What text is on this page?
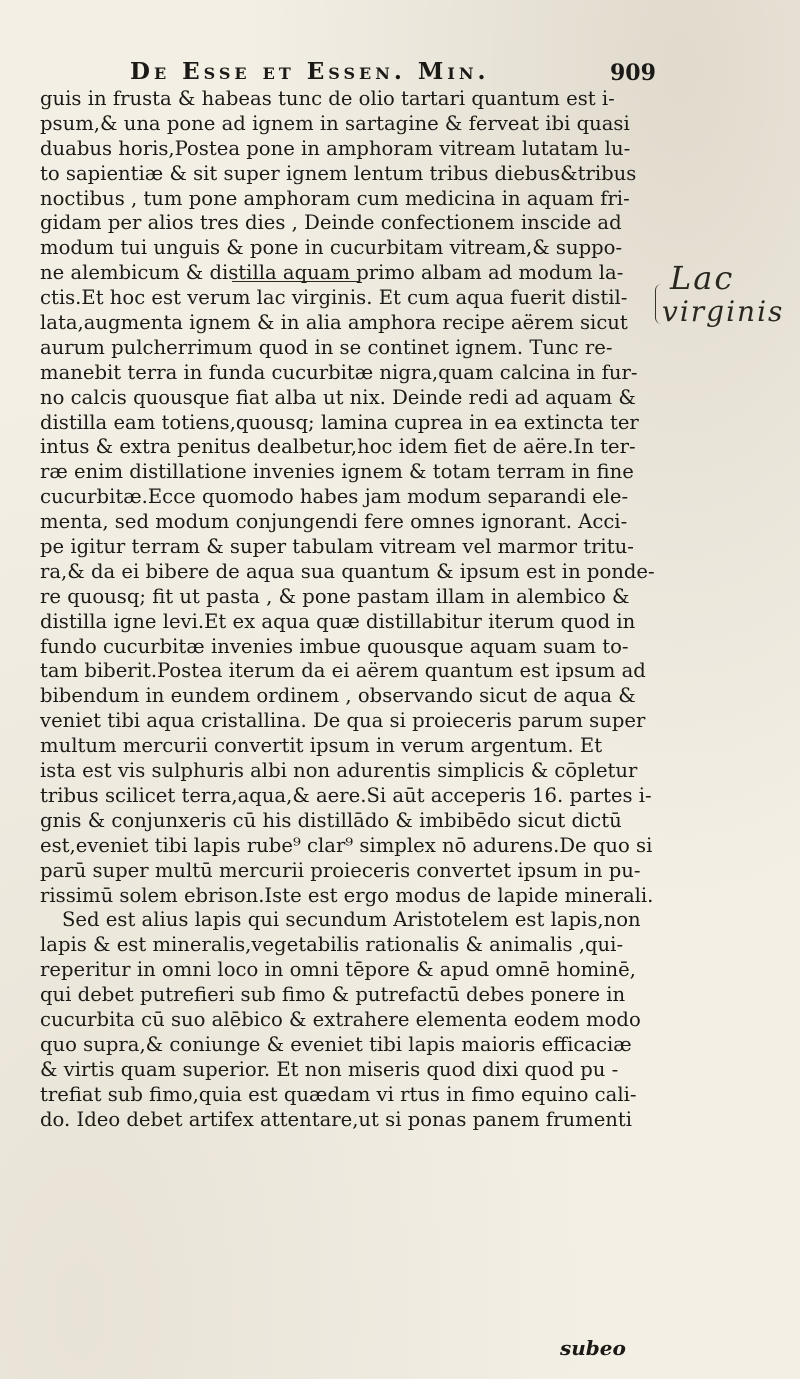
De Esse et Essen. Min.	909
guis in frusta & habeas tunc de olio tartari quantum est i-
psum,& una pone ad ignem in sartagine & ferveat ibi quasi
duabus horis,Postea pone in amphoram vitream lutatam lu-
to sapientiæ & sit super ignem lentum tribus diebus&tribus
noctibus , tum pone amphoram cum medicina in aquam fri-
gidam per alios tres dies , Deinde confectionem inscide ad
modum tui unguis & pone in cucurbitam vitream,& suppo-
ne alembicum & distilla aquam primo albam ad modum la-
ctis.Et hoc est verum lac virginis. Et cum aqua fuerit distil-
lata,augmenta ignem & in alia amphora recipe aërem sicut
aurum pulcherrimum quod in se continet ignem. Tunc re-
manebit terra in funda cucurbitæ nigra,quam calcina in fur-
no calcis quousque fiat alba ut nix. Deinde redi ad aquam &
distilla eam totiens,quousq; lamina cuprea in ea extincta ter
intus & extra penitus dealbetur,hoc idem fiet de aëre.In ter-
ræ enim distillatione invenies ignem & totam terram in fine
cucurbitæ.Ecce quomodo habes jam modum separandi ele-
menta, sed modum conjungendi fere omnes ignorant. Acci-
pe igitur terram & super tabulam vitream vel marmor tritu-
ra,& da ei bibere de aqua sua quantum & ipsum est in ponde-
re quousq; fit ut pasta , & pone pastam illam in alembico &
distilla igne levi.Et ex aqua quæ distillabitur iterum quod in
fundo cucurbitæ invenies imbue quousque aquam suam to-
tam biberit.Postea iterum da ei aërem quantum est ipsum ad
bibendum in eundem ordinem , observando sicut de aqua &
veniet tibi aqua cristallina. De qua si proieceris parum super
multum mercurii convertit ipsum in verum argentum. Et
ista est vis sulphuris albi non adurentis simplicis & cōpletur
tribus scilicet terra,aqua,& aere.Si aūt acceperis 16. partes i-
gnis & conjunxeris cū his distillādo & imbibēdo sicut dictū
est,eveniet tibi lapis rube⁹ clar⁹ simplex nō adurens.De quo si
parū super multū mercurii proieceris convertet ipsum in pu-
rissimū solem ebrison.Iste est ergo modus de lapide minerali.
Sed est alius lapis qui secundum Aristotelem est lapis,non
lapis & est mineralis,vegetabilis rationalis & animalis ,qui-
reperitur in omni loco in omni tēpore & apud omnē hominē,
qui debet putrefieri sub fimo & putrefactū debes ponere in
cucurbita cū suo alēbico & extrahere elementa eodem modo
quo supra,& coniunge & eveniet tibi lapis maioris efficaciæ
& virtis quam superior. Et non miseris quod dixi quod pu -
trefiat sub fimo,quia est quædam vi rtus in fimo equino cali-
do. Ideo debet artifex attentare,ut si ponas panem frumenti
Lac
virginis
subeo
